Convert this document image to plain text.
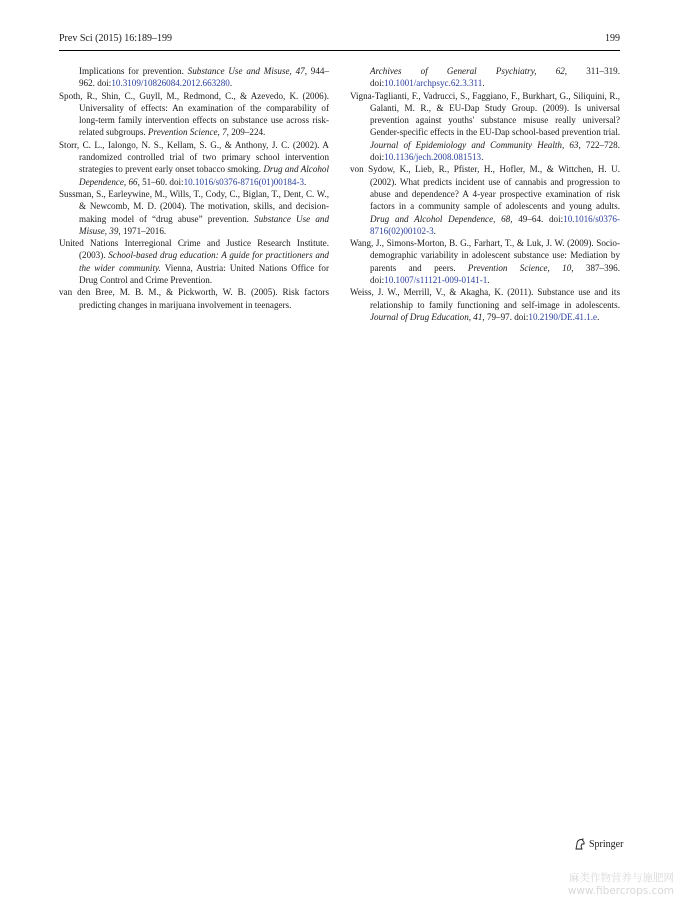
Prev Sci (2015) 16:189–199	199

Implications for prevention. Substance Use and Misuse, 47, 944–962. doi:10.3109/10826084.2012.663280.

Spoth, R., Shin, C., Guyll, M., Redmond, C., & Azevedo, K. (2006). Universality of effects: An examination of the comparability of long-term family intervention effects on substance use across risk-related subgroups. Prevention Science, 7, 209–224.

Storr, C. L., Ialongo, N. S., Kellam, S. G., & Anthony, J. C. (2002). A randomized controlled trial of two primary school intervention strategies to prevent early onset tobacco smoking. Drug and Alcohol Dependence, 66, 51–60. doi:10.1016/s0376-8716(01)00184-3.

Sussman, S., Earleywine, M., Wills, T., Cody, C., Biglan, T., Dent, C. W., & Newcomb, M. D. (2004). The motivation, skills, and decision-making model of “drug abuse” prevention. Substance Use and Misuse, 39, 1971–2016.

United Nations Interregional Crime and Justice Research Institute. (2003). School-based drug education: A guide for practitioners and the wider community. Vienna, Austria: United Nations Office for Drug Control and Crime Prevention.

van den Bree, M. B. M., & Pickworth, W. B. (2005). Risk factors predicting changes in marijuana involvement in teenagers.

Archives of General Psychiatry, 62, 311–319. doi:10.1001/archpsyc.62.3.311.

Vigna-Taglianti, F., Vadrucci, S., Faggiano, F., Burkhart, G., Siliquini, R., Galanti, M. R., & EU-Dap Study Group. (2009). Is universal prevention against youths' substance misuse really universal? Gender-specific effects in the EU-Dap school-based prevention trial. Journal of Epidemiology and Community Health, 63, 722–728. doi:10.1136/jech.2008.081513.

von Sydow, K., Lieb, R., Pfister, H., Hofler, M., & Wittchen, H. U. (2002). What predicts incident use of cannabis and progression to abuse and dependence? A 4-year prospective examination of risk factors in a community sample of adolescents and young adults. Drug and Alcohol Dependence, 68, 49–64. doi:10.1016/s0376-8716(02)00102-3.

Wang, J., Simons-Morton, B. G., Farhart, T., & Luk, J. W. (2009). Socio-demographic variability in adolescent substance use: Mediation by parents and peers. Prevention Science, 10, 387–396. doi:10.1007/s11121-009-0141-1.

Weiss, J. W., Merrill, V., & Akagha, K. (2011). Substance use and its relationship to family functioning and self-image in adolescents. Journal of Drug Education, 41, 79–97. doi:10.2190/DE.41.1.e.

Springer
麻类作物营养与施肥网
www.fibercrops.com
